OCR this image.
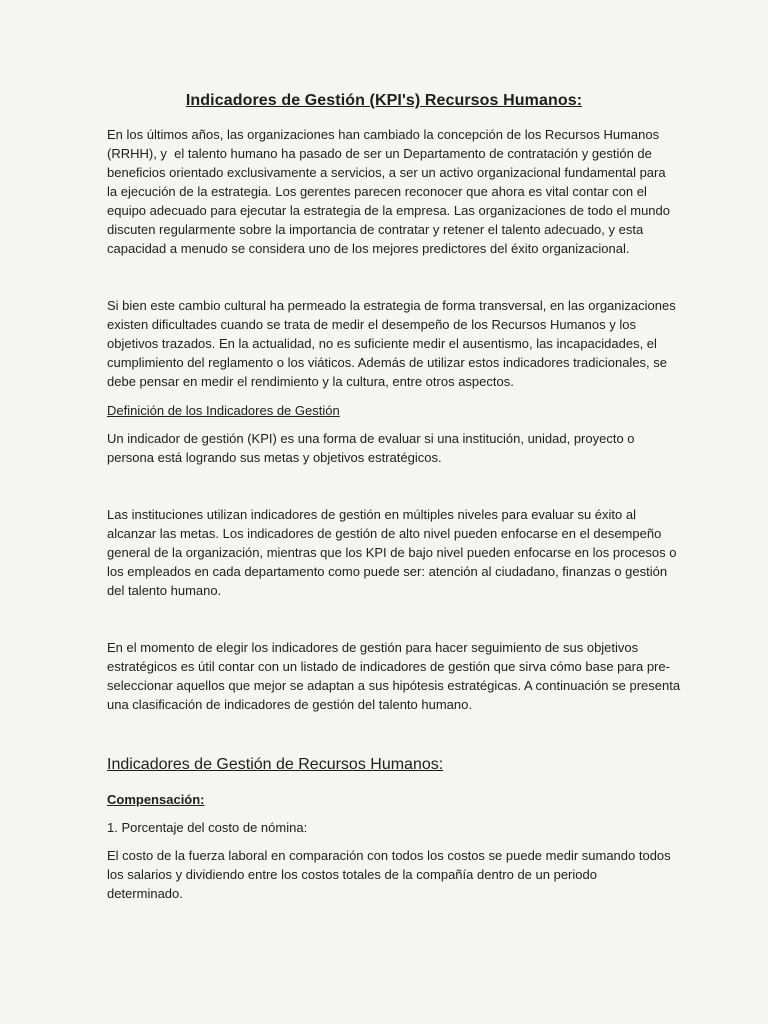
Indicadores de Gestión (KPI's) Recursos Humanos:
En los últimos años, las organizaciones han cambiado la concepción de los Recursos Humanos
(RRHH), y  el talento humano ha pasado de ser un Departamento de contratación y gestión de
beneficios orientado exclusivamente a servicios, a ser un activo organizacional fundamental para
la ejecución de la estrategia. Los gerentes parecen reconocer que ahora es vital contar con el
equipo adecuado para ejecutar la estrategia de la empresa. Las organizaciones de todo el mundo
discuten regularmente sobre la importancia de contratar y retener el talento adecuado, y esta
capacidad a menudo se considera uno de los mejores predictores del éxito organizacional.
Si bien este cambio cultural ha permeado la estrategia de forma transversal, en las organizaciones
existen dificultades cuando se trata de medir el desempeño de los Recursos Humanos y los
objetivos trazados. En la actualidad, no es suficiente medir el ausentismo, las incapacidades, el
cumplimiento del reglamento o los viáticos. Además de utilizar estos indicadores tradicionales, se
debe pensar en medir el rendimiento y la cultura, entre otros aspectos.
Definición de los Indicadores de Gestión
Un indicador de gestión (KPI) es una forma de evaluar si una institución, unidad, proyecto o
persona está logrando sus metas y objetivos estratégicos.
Las instituciones utilizan indicadores de gestión en múltiples niveles para evaluar su éxito al
alcanzar las metas. Los indicadores de gestión de alto nivel pueden enfocarse en el desempeño
general de la organización, mientras que los KPI de bajo nivel pueden enfocarse en los procesos o
los empleados en cada departamento como puede ser: atención al ciudadano, finanzas o gestión
del talento humano.
En el momento de elegir los indicadores de gestión para hacer seguimiento de sus objetivos
estratégicos es útil contar con un listado de indicadores de gestión que sirva cómo base para pre-
seleccionar aquellos que mejor se adaptan a sus hipótesis estratégicas. A continuación se presenta
una clasificación de indicadores de gestión del talento humano.
Indicadores de Gestión de Recursos Humanos:
Compensación:
1. Porcentaje del costo de nómina:
El costo de la fuerza laboral en comparación con todos los costos se puede medir sumando todos
los salarios y dividiendo entre los costos totales de la compañía dentro de un periodo
determinado.
